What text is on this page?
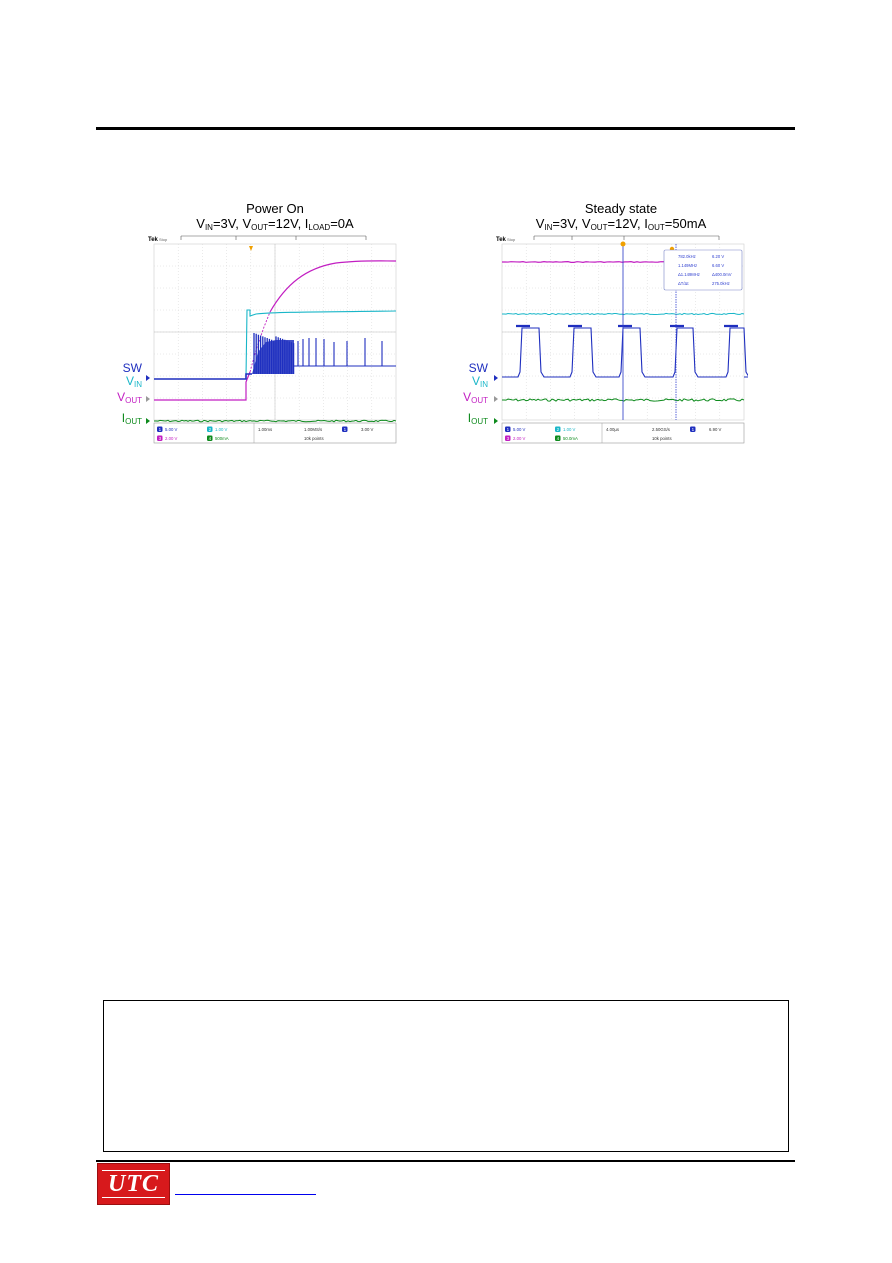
Power On
$V_{IN}=3V$, $V_{OUT}=12V$, $I_{LOAD}=0A$
Tek Stop
1 5.00 V	2 1.00 V	1.00ms	1.00MS/s	1	3.00 V
3 2.00 V	4 500mA	10k points
SW
$V_{IN}$
$V_{OUT}$
$I_{OUT}$
Steady state
$V_{IN}=3V$, $V_{OUT}=12V$, $I_{OUT}=50mA$
Tek Stop
782.0kHz	6.20 V
1.149MHz	6.60 V
Δ1.149MHz	Δ400.0mV
ΔT/Δt	275.0kHz
1 5.00 V	2 1.00 V	4.00µs	2.50GS/s	1	6.90 V
3 2.00 V	4 50.0mA	10k points
SW
$V_{IN}$
$V_{OUT}$
$I_{OUT}$
UTC
